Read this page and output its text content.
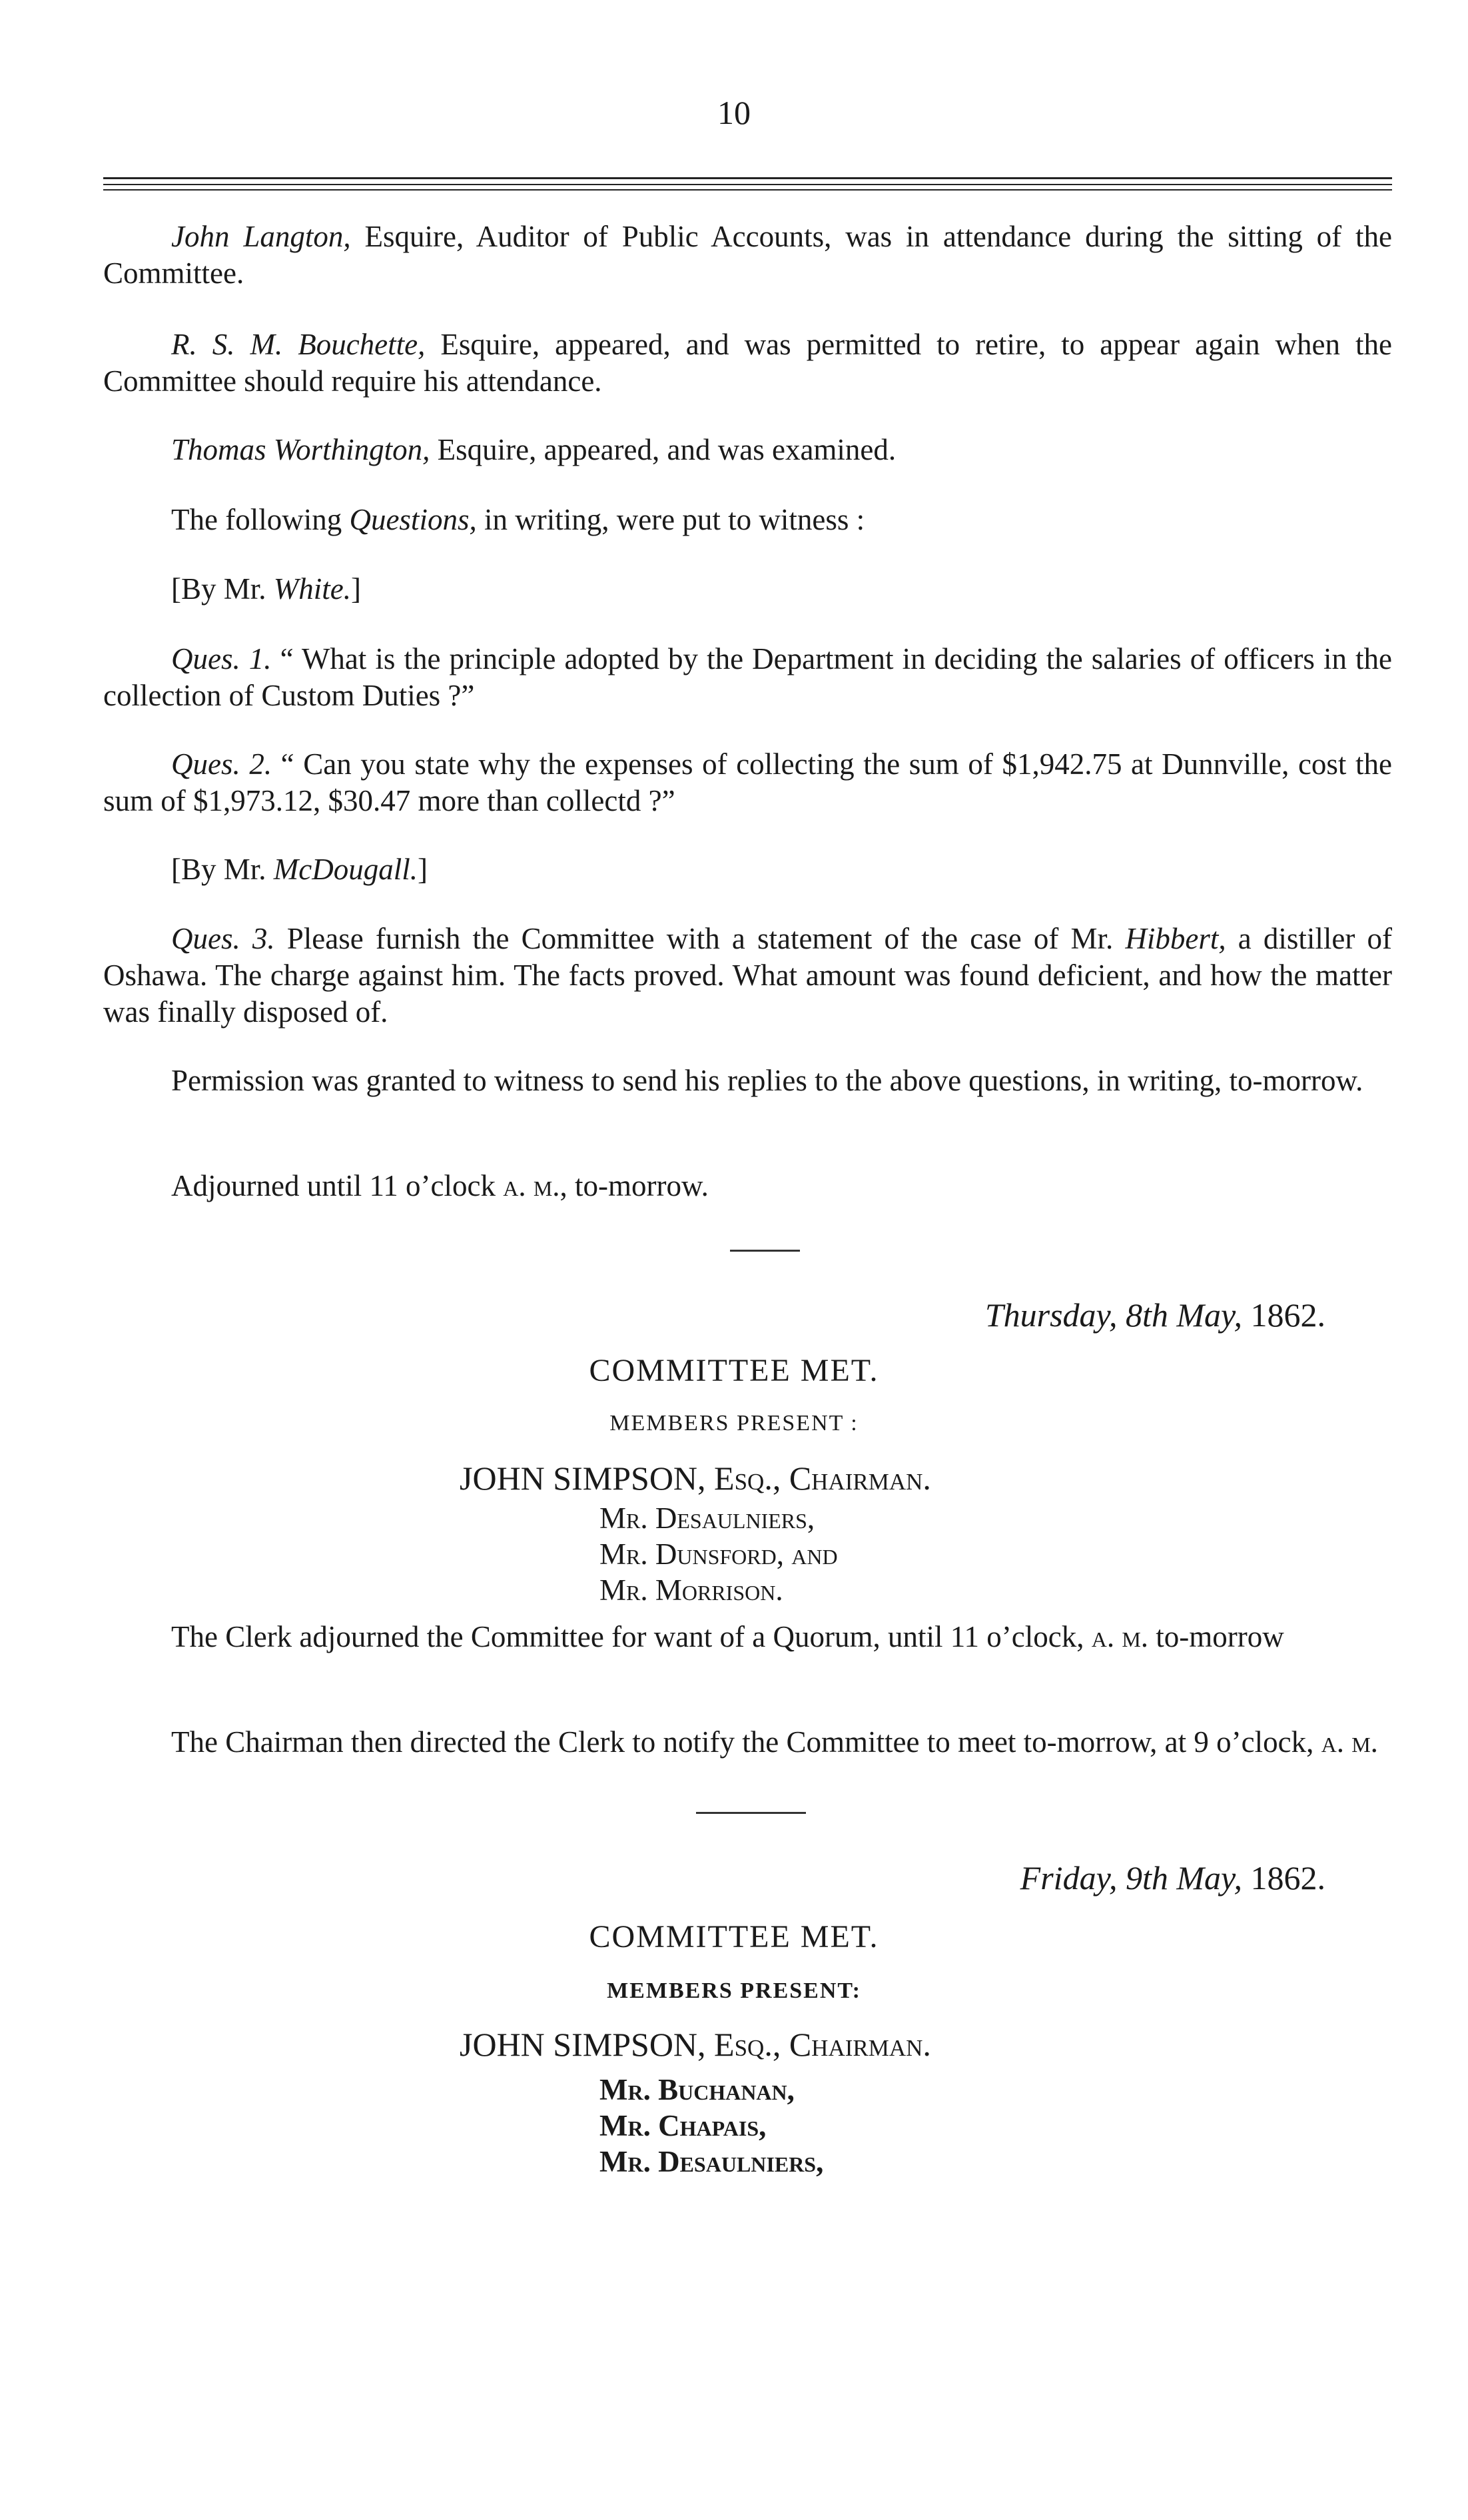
10
John Langton, Esquire, Auditor of Public Accounts, was in attendance during the sitting of the Committee.
R. S. M. Bouchette, Esquire, appeared, and was permitted to retire, to appear again when the Committee should require his attendance.
Thomas Worthington, Esquire, appeared, and was examined.
The following Questions, in writing, were put to witness :
[By Mr. White.]
Ques. 1. “ What is the principle adopted by the Department in deciding the salaries of officers in the collection of Custom Duties ?”
Ques. 2. “ Can you state why the expenses of collecting the sum of $1,942.75 at Dunnville, cost the sum of $1,973.12, $30.47 more than collectd ?”
[By Mr. McDougall.]
Ques. 3. Please furnish the Committee with a statement of the case of Mr. Hibbert, a distiller of Oshawa. The charge against him. The facts proved. What amount was found deficient, and how the matter was finally disposed of.
Permission was granted to witness to send his replies to the above questions, in writing, to-morrow.
Adjourned until 11 o’clock a. m., to-morrow.
Thursday, 8th May, 1862.
COMMITTEE MET.
MEMBERS PRESENT :
JOHN SIMPSON, Esq., Chairman.
Mr. Desaulniers,
Mr. Dunsford, and
Mr. Morrison.
The Clerk adjourned the Committee for want of a Quorum, until 11 o’clock, a. m. to-morrow
The Chairman then directed the Clerk to notify the Committee to meet to-morrow, at 9 o’clock, a. m.
Friday, 9th May, 1862.
COMMITTEE MET.
MEMBERS PRESENT:
JOHN SIMPSON, Esq., Chairman.
Mr. Buchanan,
Mr. Chapais,
Mr. Desaulniers,
